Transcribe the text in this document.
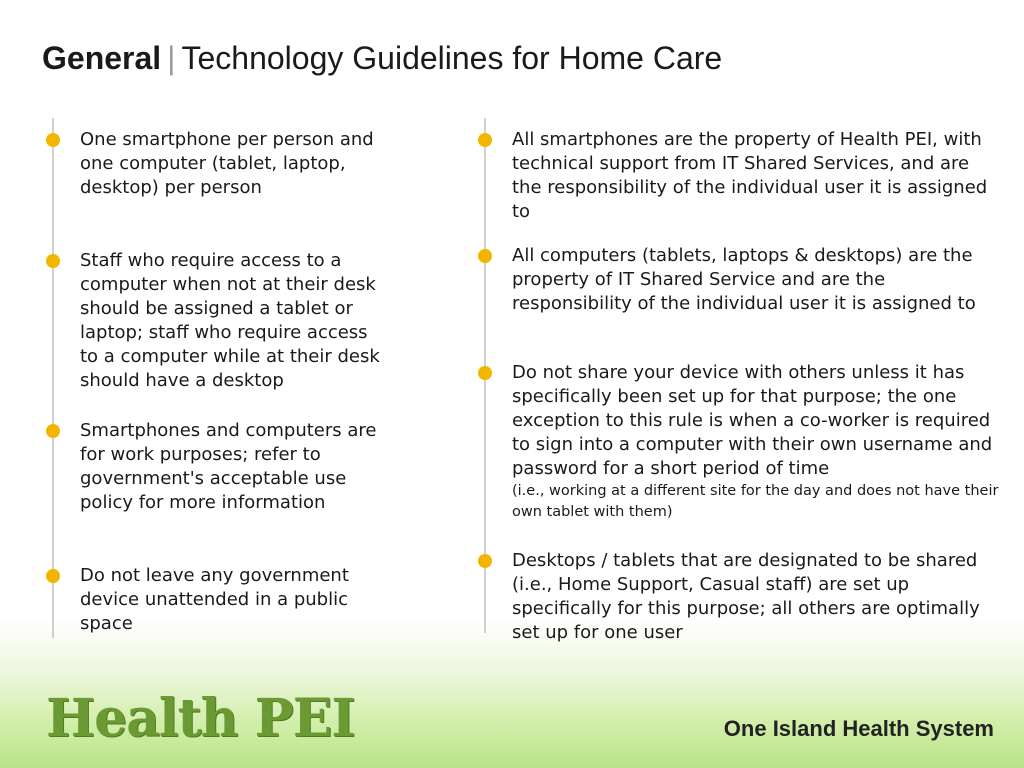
General | Technology Guidelines for Home Care
One smartphone per person and one computer (tablet, laptop, desktop) per person
Staff who require access to a computer when not at their desk should be assigned a tablet or laptop; staff who require access to a computer while at their desk should have a desktop
Smartphones and computers are for work purposes; refer to government's acceptable use policy for more information
Do not leave any government device unattended in a public space
All smartphones are the property of Health PEI, with technical support from IT Shared Services, and are the responsibility of the individual user it is assigned to
All computers (tablets, laptops & desktops) are the property of IT Shared Service and are the responsibility of the individual user it is assigned to
Do not share your device with others unless it has specifically been set up for that purpose; the one exception to this rule is when a co-worker is required to sign into a computer with their own username and password for a short period of time
(i.e., working at a different site for the day and does not have their own tablet with them)
Desktops / tablets that are designated to be shared (i.e., Home Support, Casual staff) are set up specifically for this purpose; all others are optimally set up for one user
Health PEI	One Island Health System
